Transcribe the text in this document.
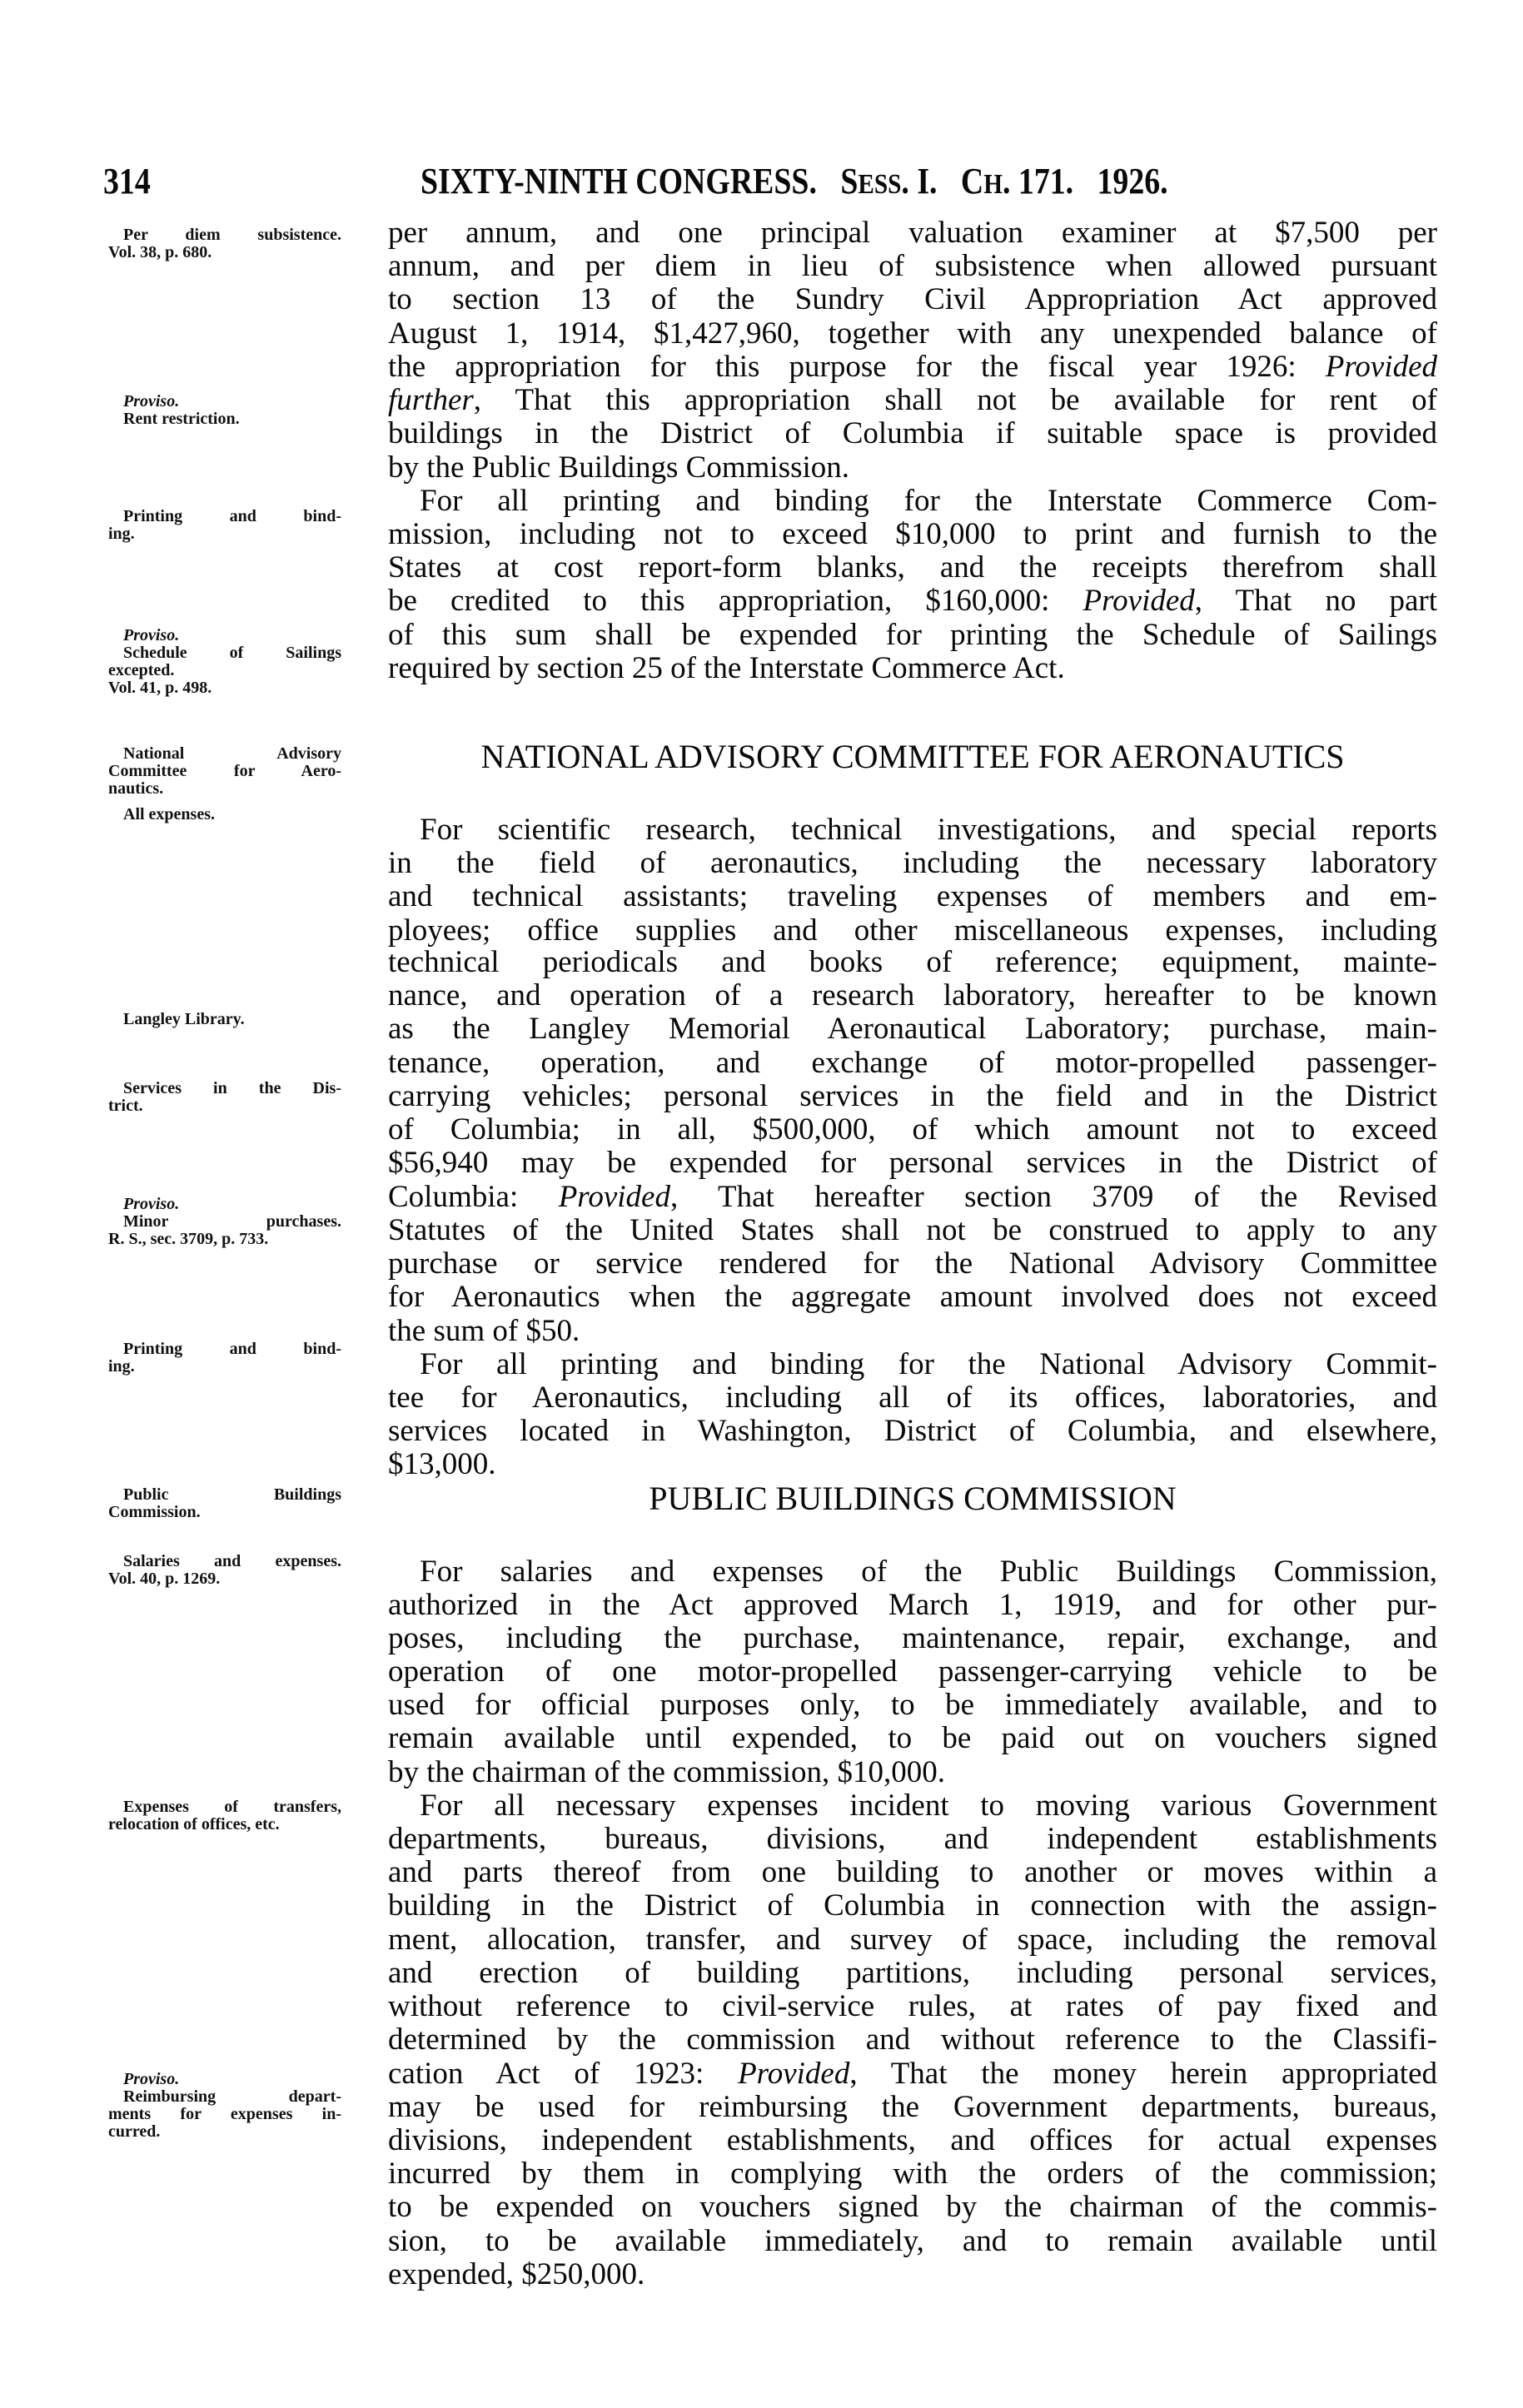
314	SIXTY-NINTH CONGRESS. SESS. I. CH. 171. 1926.
Per diem subsistence.
Vol. 38, p. 680.
Proviso.
Rent restriction.
Printing and bind-
ing.
Proviso.
Schedule of Sailings
excepted.
Vol. 41, p. 498.
National Advisory
Committee for Aero-
nautics.
All expenses.
Langley Library.
Services in the Dis-
trict.
Proviso.
Minor purchases.
R. S., sec. 3709, p. 733.
Printing and bind-
ing.
Public Buildings
Commission.
Salaries and expenses.
Vol. 40, p. 1269.
Expenses of transfers,
relocation of offices, etc.
Proviso.
Reimbursing depart-
ments for expenses in-
curred.
NATIONAL ADVISORY COMMITTEE FOR AERONAUTICS
PUBLIC BUILDINGS COMMISSION
per annum, and one principal valuation examiner at $7,500 per
annum, and per diem in lieu of subsistence when allowed pursuant
to section 13 of the Sundry Civil Appropriation Act approved
August 1, 1914, $1,427,960, together with any unexpended balance of
the appropriation for this purpose for the fiscal year 1926: Provided
further, That this appropriation shall not be available for rent of
buildings in the District of Columbia if suitable space is provided
by the Public Buildings Commission.
For all printing and binding for the Interstate Commerce Com-
mission, including not to exceed $10,000 to print and furnish to the
States at cost report-form blanks, and the receipts therefrom shall
be credited to this appropriation, $160,000: Provided, That no part
of this sum shall be expended for printing the Schedule of Sailings
required by section 25 of the Interstate Commerce Act.
For scientific research, technical investigations, and special reports
in the field of aeronautics, including the necessary laboratory
and technical assistants; traveling expenses of members and em-
ployees; office supplies and other miscellaneous expenses, including
technical periodicals and books of reference; equipment, mainte-
nance, and operation of a research laboratory, hereafter to be known
as the Langley Memorial Aeronautical Laboratory; purchase, main-
tenance, operation, and exchange of motor-propelled passenger-
carrying vehicles; personal services in the field and in the District
of Columbia; in all, $500,000, of which amount not to exceed
$56,940 may be expended for personal services in the District of
Columbia: Provided, That hereafter section 3709 of the Revised
Statutes of the United States shall not be construed to apply to any
purchase or service rendered for the National Advisory Committee
for Aeronautics when the aggregate amount involved does not exceed
the sum of $50.
For all printing and binding for the National Advisory Commit-
tee for Aeronautics, including all of its offices, laboratories, and
services located in Washington, District of Columbia, and elsewhere,
$13,000.
For salaries and expenses of the Public Buildings Commission,
authorized in the Act approved March 1, 1919, and for other pur-
poses, including the purchase, maintenance, repair, exchange, and
operation of one motor-propelled passenger-carrying vehicle to be
used for official purposes only, to be immediately available, and to
remain available until expended, to be paid out on vouchers signed
by the chairman of the commission, $10,000.
For all necessary expenses incident to moving various Government
departments, bureaus, divisions, and independent establishments
and parts thereof from one building to another or moves within a
building in the District of Columbia in connection with the assign-
ment, allocation, transfer, and survey of space, including the removal
and erection of building partitions, including personal services,
without reference to civil-service rules, at rates of pay fixed and
determined by the commission and without reference to the Classifi-
cation Act of 1923: Provided, That the money herein appropriated
may be used for reimbursing the Government departments, bureaus,
divisions, independent establishments, and offices for actual expenses
incurred by them in complying with the orders of the commission;
to be expended on vouchers signed by the chairman of the commis-
sion, to be available immediately, and to remain available until
expended, $250,000.
